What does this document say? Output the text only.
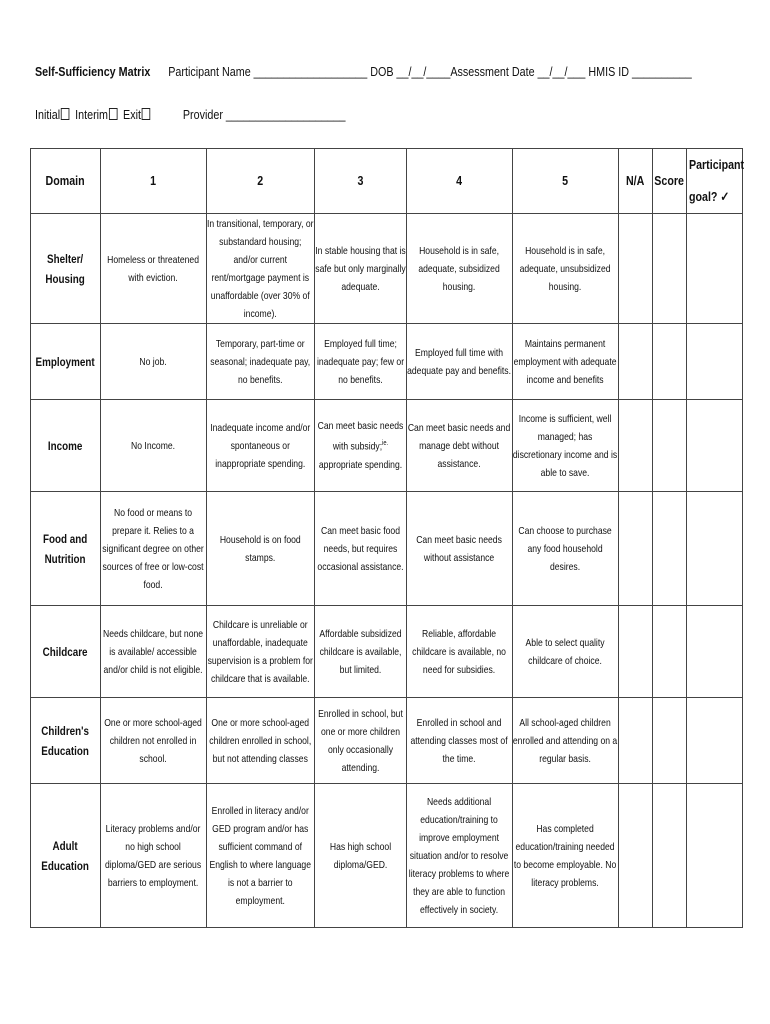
Self-Sufficiency Matrix Participant Name ___________________ DOB __/__/____Assessment Date __/__/___ HMIS ID __________
Initial Interim Exit	Provider ____________________
Domain	1	2	3	4	5	N/A	Score	Participant
goal? ✓

Shelter/ Housing	Homeless or threatened with eviction.	In transitional, temporary, or substandard housing; and/or current rent/mortgage payment is unaffordable (over 30% of income).	In stable housing that is safe but only marginally adequate.	Household is in safe, adequate, subsidized housing.	Household is in safe, adequate, unsubsidized housing.			

Employment	No job.	Temporary, part-time or seasonal; inadequate pay, no benefits.	Employed full time; inadequate pay; few or no benefits.	Employed full time with adequate pay and benefits.	Maintains permanent employment with adequate income and benefits			

Income	No Income.	Inadequate income and/or spontaneous or inappropriate spending.	Can meet basic needs with subsidy;$^{ie.}$ appropriate spending.	Can meet basic needs and manage debt without assistance.	Income is sufficient, well managed; has discretionary income and is able to save.			

Food and Nutrition	No food or means to prepare it. Relies to a significant degree on other sources of free or low-cost food.	Household is on food stamps.	Can meet basic food needs, but requires occasional assistance.	Can meet basic needs without assistance	Can choose to purchase any food household desires.			

Childcare	Needs childcare, but none is available/ accessible and/or child is not eligible.	Childcare is unreliable or unaffordable, inadequate supervision is a problem for childcare that is available.	Affordable subsidized childcare is available, but limited.	Reliable, affordable childcare is available, no need for subsidies.	Able to select quality childcare of choice.			

Children's Education	One or more school-aged children not enrolled in school.	One or more school-aged children enrolled in school, but not attending classes	Enrolled in school, but one or more children only occasionally attending.	Enrolled in school and attending classes most of the time.	All school-aged children enrolled and attending on a regular basis.			

Adult Education	Literacy problems and/or no high school diploma/GED are serious barriers to employment.	Enrolled in literacy and/or GED program and/or has sufficient command of English to where language is not a barrier to employment.	Has high school diploma/GED.	Needs additional education/training to improve employment situation and/or to resolve literacy problems to where they are able to function effectively in society.	Has completed education/training needed to become employable. No literacy problems.			
